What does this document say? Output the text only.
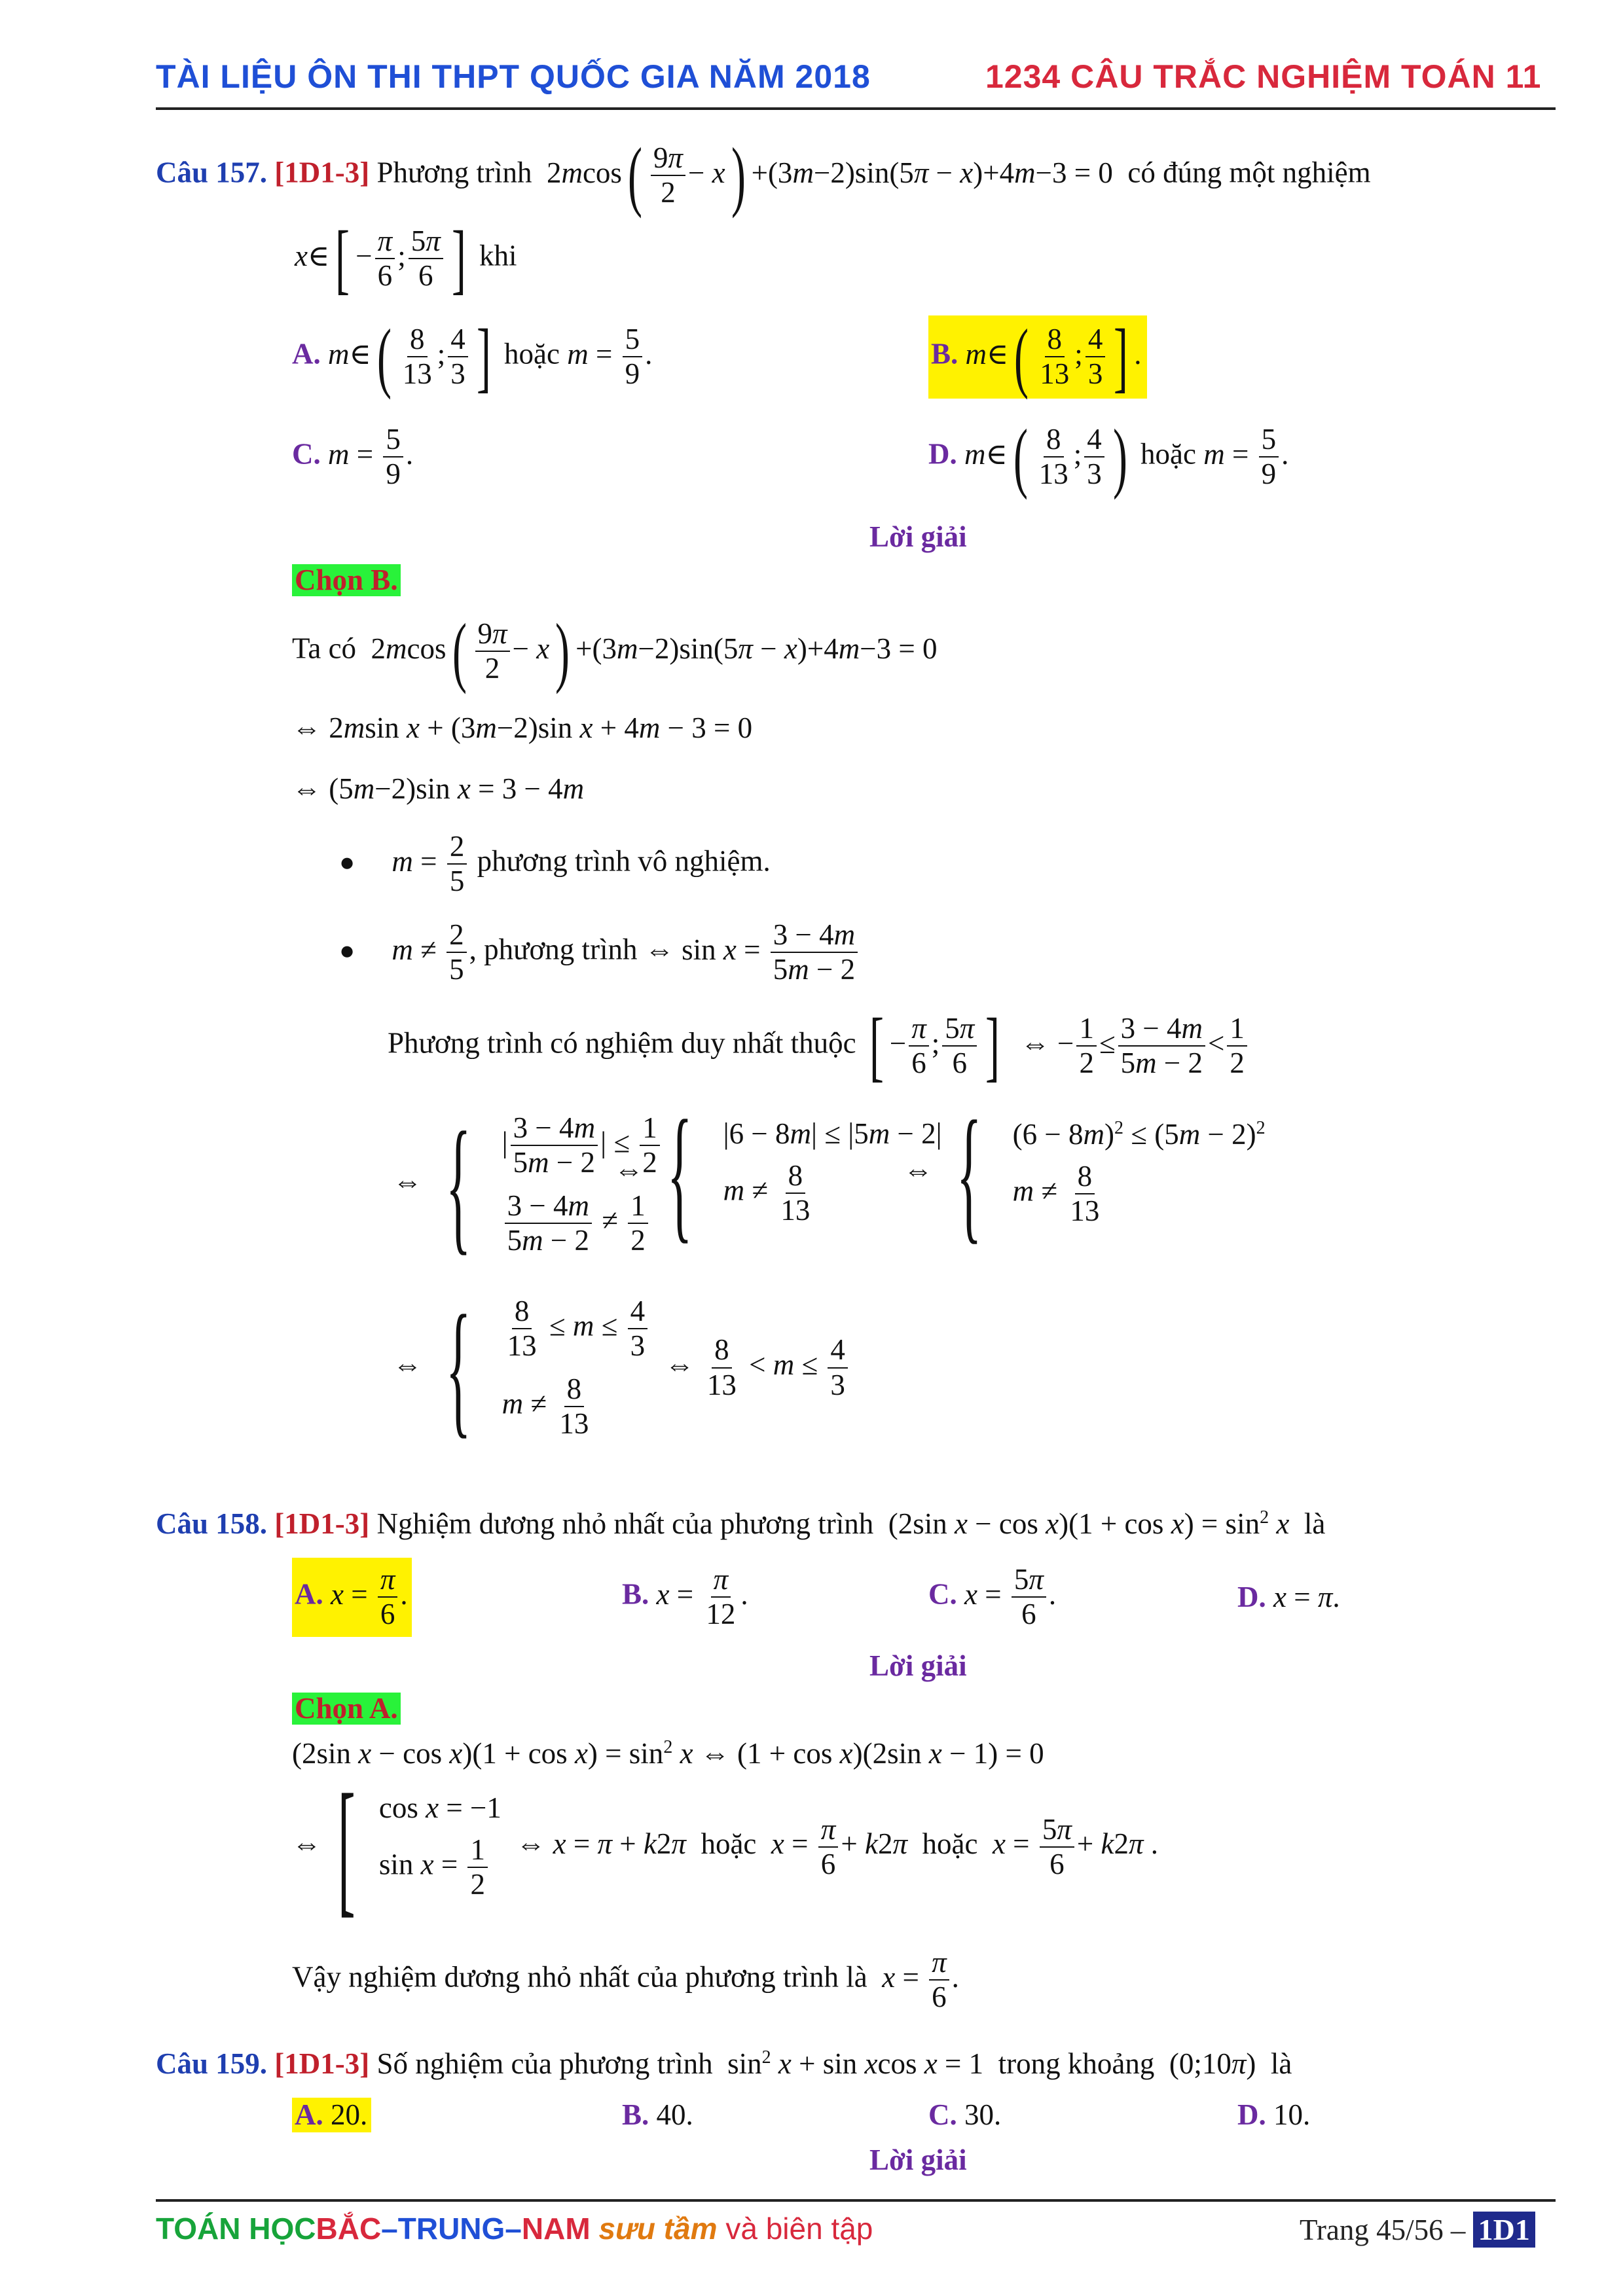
TÀI LIỆU ÔN THI THPT QUỐC GIA NĂM 2018	1234 CÂU TRẮC NGHIỆM TOÁN 11
Câu 157. [1D1-3] Phương trình  $2mcos( \frac{9\pi}{2} - x) +(3m-2)\sin(5\pi - x)+4m-3 = 0$  có đúng một nghiệm
x∈[ − $\frac{\pi}{6}$ ; $\frac{5\pi}{6}$ ] khi
A. m∈( $\frac{8}{13}$ ; $\frac{4}{3}$ ] hoặc $m = \frac{5}{9}$ .	B. m∈( $\frac{8}{13}$ ; $\frac{4}{3}$ ] .
C. $m = \frac{5}{9}$ .	D. m∈( $\frac{8}{13}$ ; $\frac{4}{3}$ ) hoặc $m = \frac{5}{9}$ .
Lời giải
Chọn B.
Ta có  $2mcos( \frac{9\pi}{2} - x) +(3m-2)\sin(5\pi - x)+4m-3 = 0$
⇔ 2msin x + (3m−2)sin x + 4m − 3 = 0
⇔ (5m−2)sin x = 3 − 4m
● $m = \frac{2}{5}$ phương trình vô nghiệm.
● $m \ne \frac{2}{5}$ , phương trình ⇔ $\sin x = \frac{3 - 4m}{5m - 2}$
Phương trình có nghiệm duy nhất thuộc [ − $\frac{\pi}{6}$ ; $\frac{5\pi}{6}$ ]  ⇔ − $\frac{1}{2} \le \frac{3 - 4m}{5m - 2} < \frac{1}{2}$
⇔ { | $\frac{3 - 4m}{5m - 2}$ | ≤ $\frac{1}{2}$
$\frac{3 - 4m}{5m - 2} \ne \frac{1}{2}$
⇔ { |6 − 8m| ≤ |5m − 2|
$m \ne \frac{8}{13}$	⇔ { $(6 - 8m)^2 \le (5m - 2)^2$
$m \ne \frac{8}{13}$
⇔ { $\frac{8}{13} \le m \le \frac{4}{3}$
$m \ne \frac{8}{13}$
⇔ $\frac{8}{13} < m \le \frac{4}{3}$
Câu 158. [1D1-3] Nghiệm dương nhỏ nhất của phương trình  (2sin $x - \cos x)(1 + \cos x) = \sin^2 x$ là
A. $x = \frac{\pi}{6}$ .	B. $x = \frac{\pi}{12}$ .	C. $x = \frac{5\pi}{6}$ .	D. x = π.
Lời giải
Chọn A.
(2sin $x - \cos x)(1 + \cos x) = \sin^2 x$ ⇔ (1 + cos x)(2sin x − 1) = 0
⇔ [ cos x = −1
$\sin x = \frac{1}{2}$ ⇔ x = π + k2π hoặc $x = \frac{\pi}{6} + k2\pi$ hoặc $x = \frac{5\pi}{6} + k2\pi$ .
Vậy nghiệm dương nhỏ nhất của phương trình là $x = \frac{\pi}{6}$ .
Câu 159. [1D1-3] Số nghiệm của phương trình  $\sin^2 x + \sin xcos$ x = 1  trong khoảng  (0;10π)  là
A. 20.	B. 40.	C. 30.	D. 10.
Lời giải
TOÁN HỌCBẮC–TRUNG–NAM sưu tầm và biên tập	Trang 45/56 – 1D1
